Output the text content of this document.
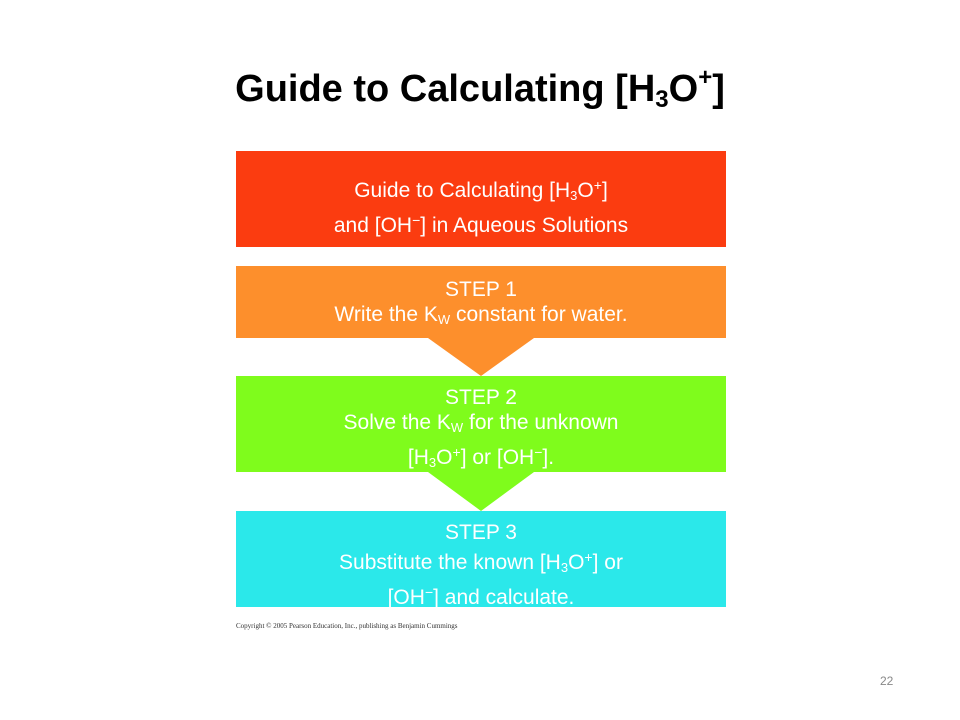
Guide to Calculating $[H_3O^+]$
Guide to Calculating $[H_3O^+]$
and [OH−] in Aqueous Solutions
STEP 1
Write the $K_W$ constant for water.
STEP 2
Solve the $K_W$ for the unknown
$[H_3O^+]$ or [OH−].
STEP 3
Substitute the known $[H_3O^+]$ or
[OH−] and calculate.
Copyright © 2005 Pearson Education, Inc., publishing as Benjamin Cummings
22
